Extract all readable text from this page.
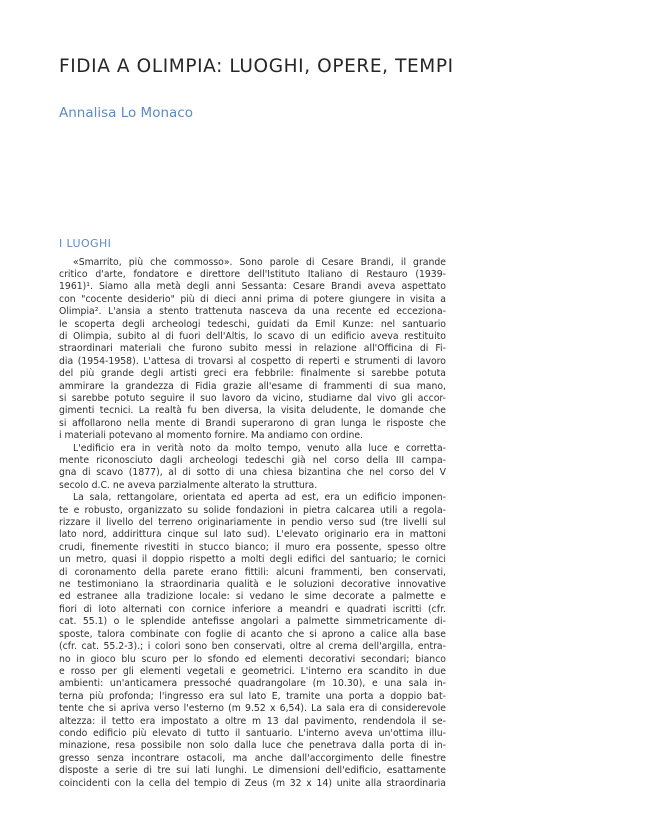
FIDIA A OLIMPIA: LUOGHI, OPERE, TEMPI

Annalisa Lo Monaco

I LUOGHI
«Smarrito, più che commosso». Sono parole di Cesare Brandi, il grande
critico d'arte, fondatore e direttore dell'Istituto Italiano di Restauro (1939-
1961)¹. Siamo alla metà degli anni Sessanta: Cesare Brandi aveva aspettato
con "cocente desiderio" più di dieci anni prima di potere giungere in visita a
Olimpia². L'ansia a stento trattenuta nasceva da una recente ed eccezionа-
le scoperta degli archeologi tedeschi, guidati da Emil Kunze: nel santuario
di Olimpia, subito al di fuori dell'Altis, lo scavo di un edificio aveva restituito
straordinari materiali che furono subito messi in relazione all'Officina di Fi-
dia (1954-1958). L'attesa di trovarsi al cospetto di reperti e strumenti di lavoro
del più grande degli artisti greci era febbrile: finalmente si sarebbe potuta
ammirare la grandezza di Fidia grazie all'esame di frammenti di sua mano,
si sarebbe potuto seguire il suo lavoro da vicino, studiarne dal vivo gli accor-
gimenti tecnici. La realtà fu ben diversa, la visita deludente, le domande che
si affollarono nella mente di Brandi superarono di gran lunga le risposte che
i materiali potevano al momento fornire. Ma andiamo con ordine.
L'edificio era in verità noto da molto tempo, venuto alla luce e corretta-
mente riconosciuto dagli archeologi tedeschi già nel corso della III campa-
gna di scavo (1877), al di sotto di una chiesa bizantina che nel corso del V
secolo d.C. ne aveva parzialmente alterato la struttura.
La sala, rettangolare, orientata ed aperta ad est, era un edificio imponen-
te e robusto, organizzato su solide fondazioni in pietra calcarea utili a regola-
rizzare il livello del terreno originariamente in pendio verso sud (tre livelli sul
lato nord, addirittura cinque sul lato sud). L'elevato originario era in mattoni
crudi, finemente rivestiti in stucco bianco; il muro era possente, spesso oltre
un metro, quasi il doppio rispetto a molti degli edifici del santuario; le cornici
di coronamento della parete erano fittili: alcuni frammenti, ben conservati,
ne testimoniano la straordinaria qualità e le soluzioni decorative innovative
ed estranee alla tradizione locale: si vedano le sime decorate a palmette e
fiori di loto alternati con cornice inferiore a meandri e quadrati iscritti (cfr.
cat. 55.1) o le splendide antefisse angolari a palmette simmetricamente di-
sposte, talora combinate con foglie di acanto che si aprono a calice alla base
(cfr. cat. 55.2-3).; i colori sono ben conservati, oltre al crema dell'argilla, entra-
no in gioco blu scuro per lo sfondo ed elementi decorativi secondari; bianco
e rosso per gli elementi vegetali e geometrici. L'interno era scandito in due
ambienti: un'anticamera pressoché quadrangolare (m 10.30), e una sala in-
terna più profonda; l'ingresso era sul lato E, tramite una porta a doppio bat-
tente che si apriva verso l'esterno (m 9.52 x 6,54). La sala era di considerevole
altezza: il tetto era impostato a oltre m 13 dal pavimento, rendendola il se-
condo edificio più elevato di tutto il santuario. L'interno aveva un'ottima illu-
minazione, resa possibile non solo dalla luce che penetrava dalla porta di in-
gresso senza incontrare ostacoli, ma anche dall'accorgimento delle finestre
disposte a serie di tre sui lati lunghi. Le dimensioni dell'edificio, esattamente
coincidenti con la cella del tempio di Zeus (m 32 x 14) unite alla straordinaria
